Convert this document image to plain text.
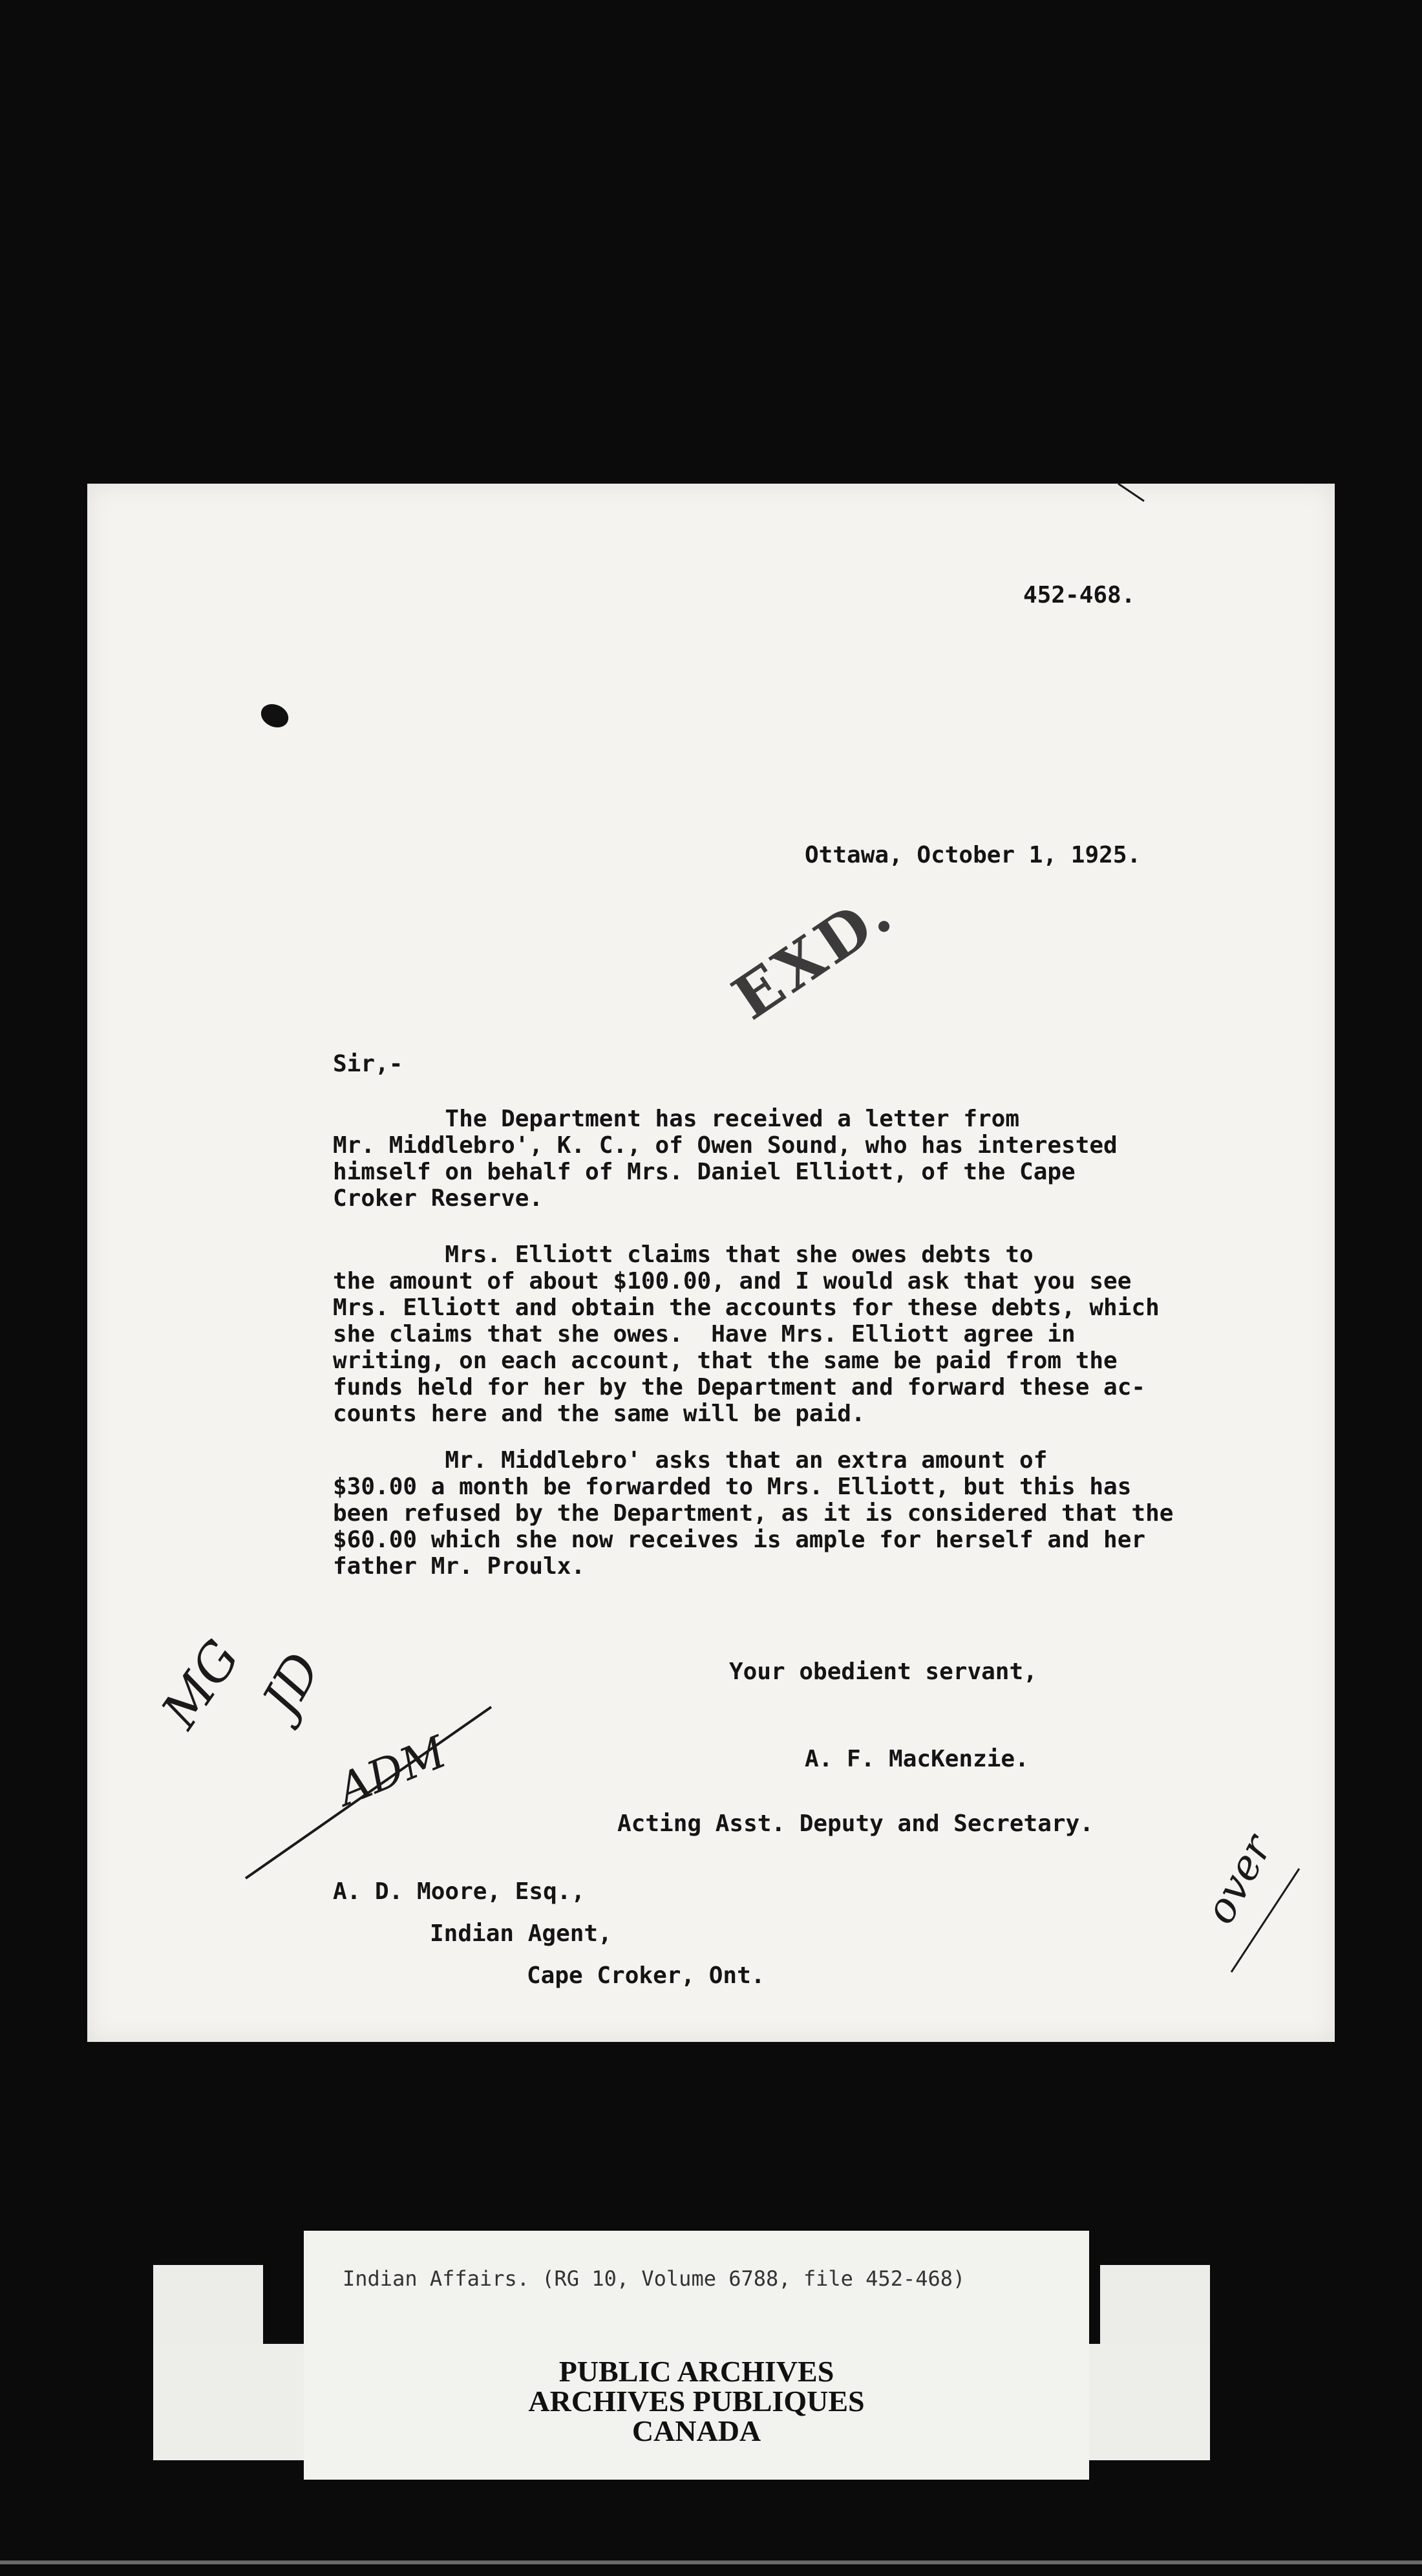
452-468.
Ottawa, October 1, 1925.
EXD.
Sir,-
The Department has received a letter from
Mr. Middlebro', K. C., of Owen Sound, who has interested
himself on behalf of Mrs. Daniel Elliott, of the Cape
Croker Reserve.
Mrs. Elliott claims that she owes debts to
the amount of about $100.00, and I would ask that you see
Mrs. Elliott and obtain the accounts for these debts, which
she claims that she owes.  Have Mrs. Elliott agree in
writing, on each account, that the same be paid from the
funds held for her by the Department and forward these ac-
counts here and the same will be paid.
Mr. Middlebro' asks that an extra amount of
$30.00 a month be forwarded to Mrs. Elliott, but this has
been refused by the Department, as it is considered that the
$60.00 which she now receives is ample for herself and her
father Mr. Proulx.
Your obedient servant,
A. F. MacKenzie.
Acting Asst. Deputy and Secretary.
A. D. Moore, Esq.,
Indian Agent,
Cape Croker, Ont.
MG JD
ADM
over
Indian Affairs. (RG 10, Volume 6788, file 452-468)
PUBLIC ARCHIVES
ARCHIVES PUBLIQUES
CANADA
